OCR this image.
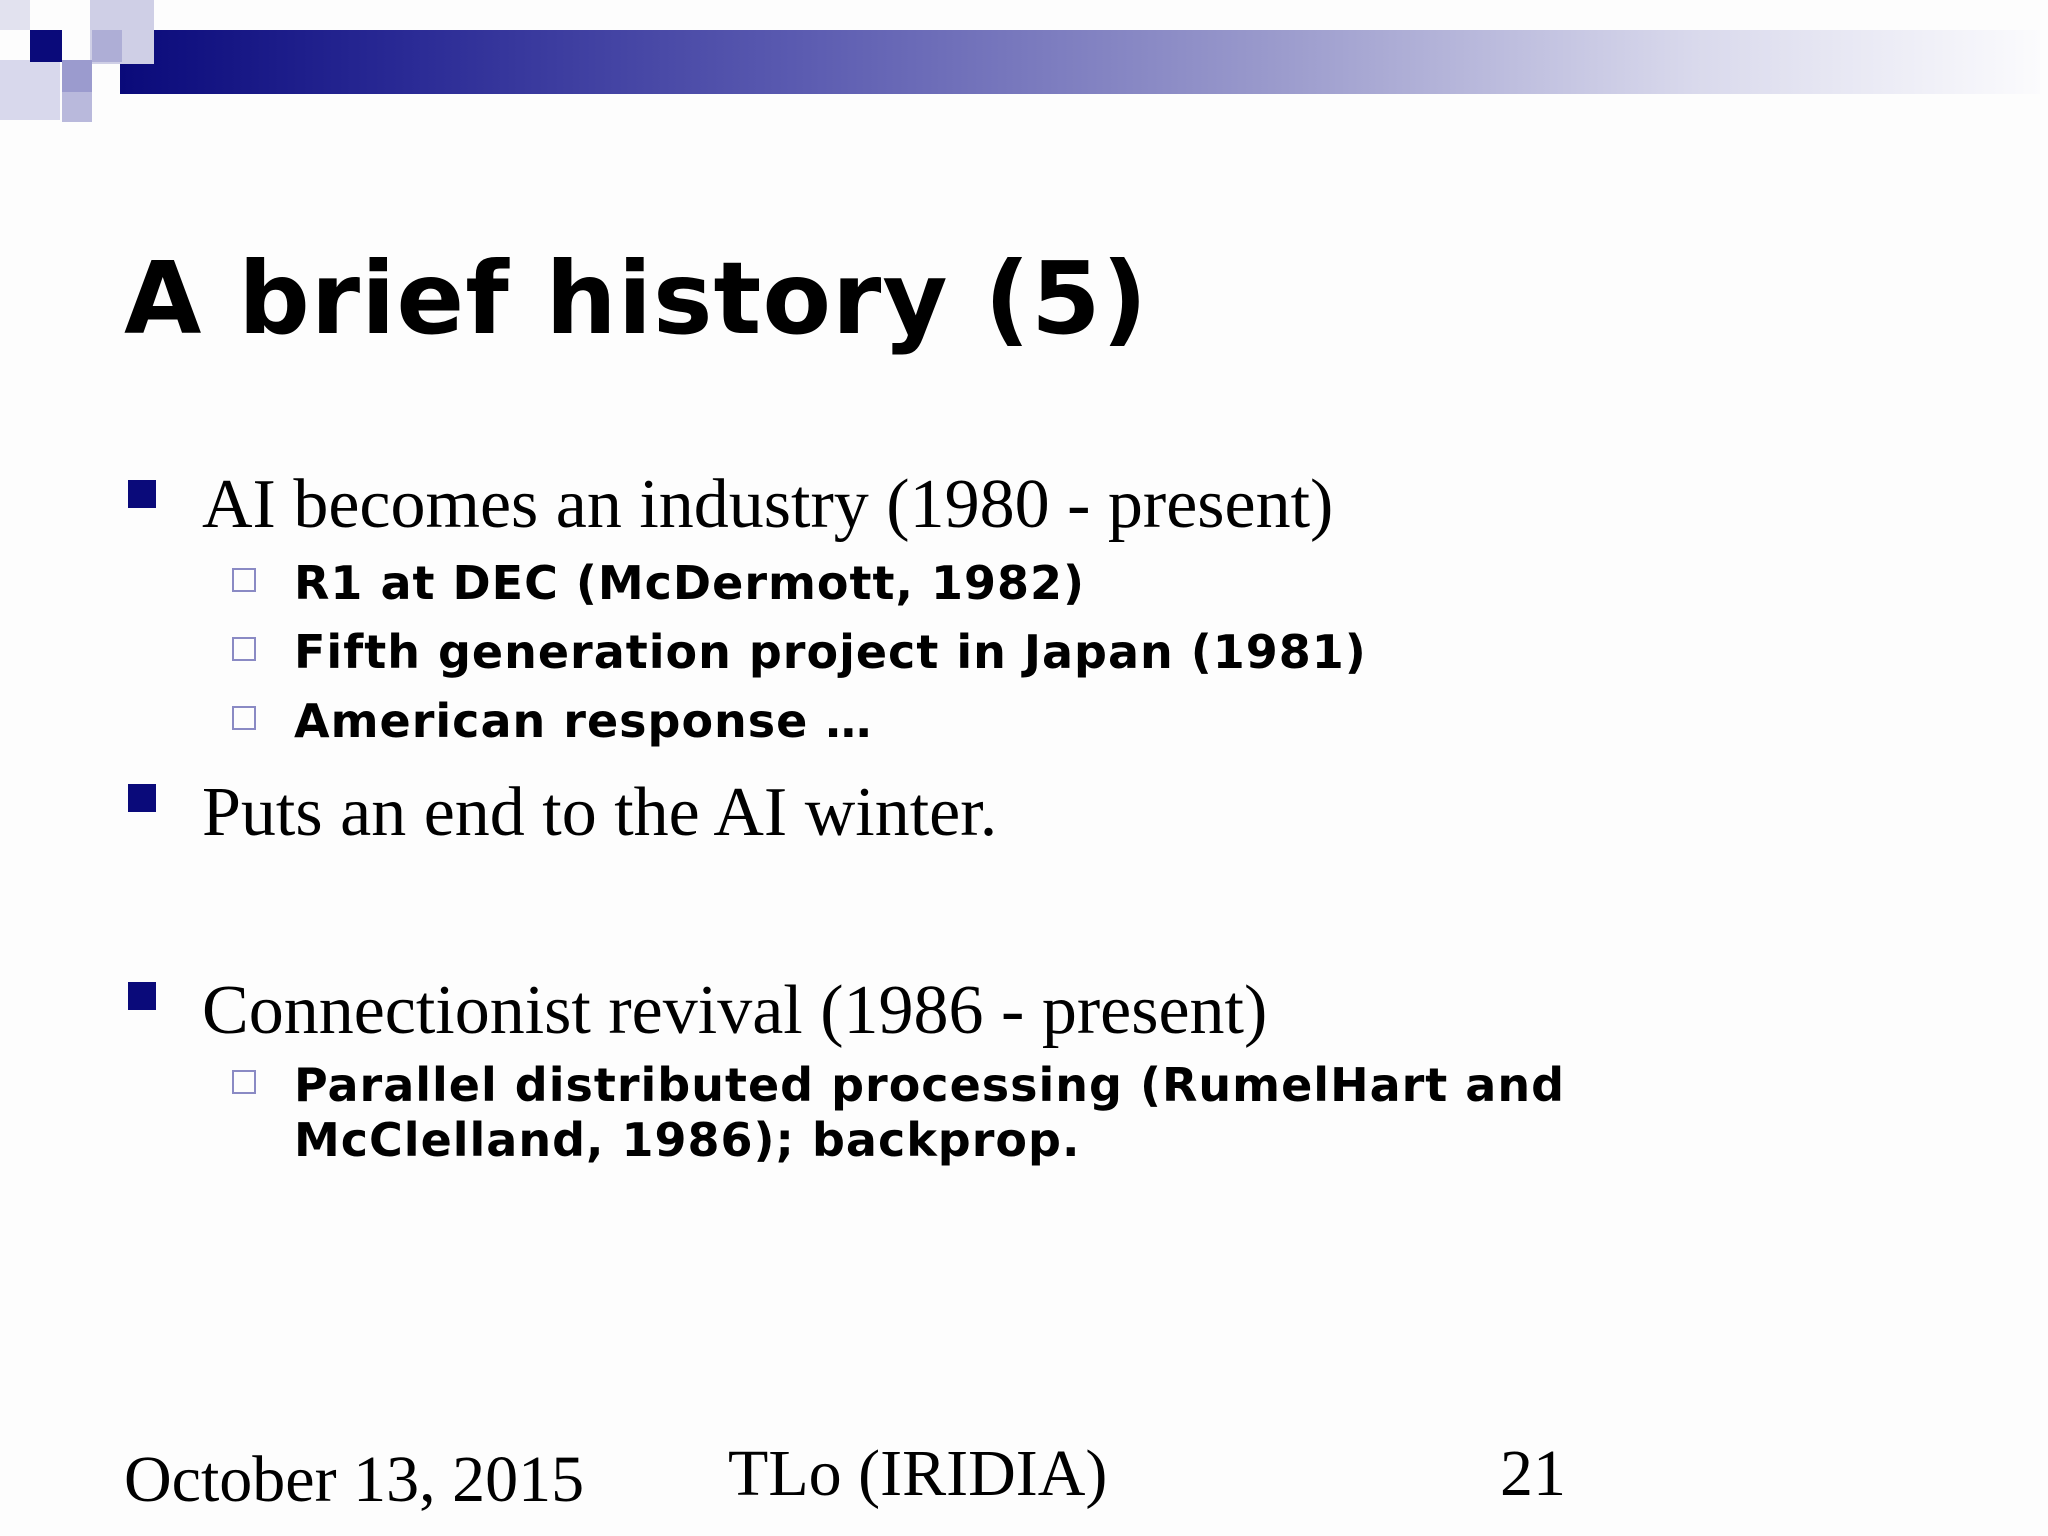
A brief history (5)
AI becomes an industry (1980 - present)
R1 at DEC (McDermott, 1982)
Fifth generation project in Japan (1981)
American response …
Puts an end to the AI winter.
Connectionist revival (1986 - present)
Parallel distributed processing (RumelHart and McClelland, 1986); backprop.
October 13, 2015 TLo (IRIDIA)	21
